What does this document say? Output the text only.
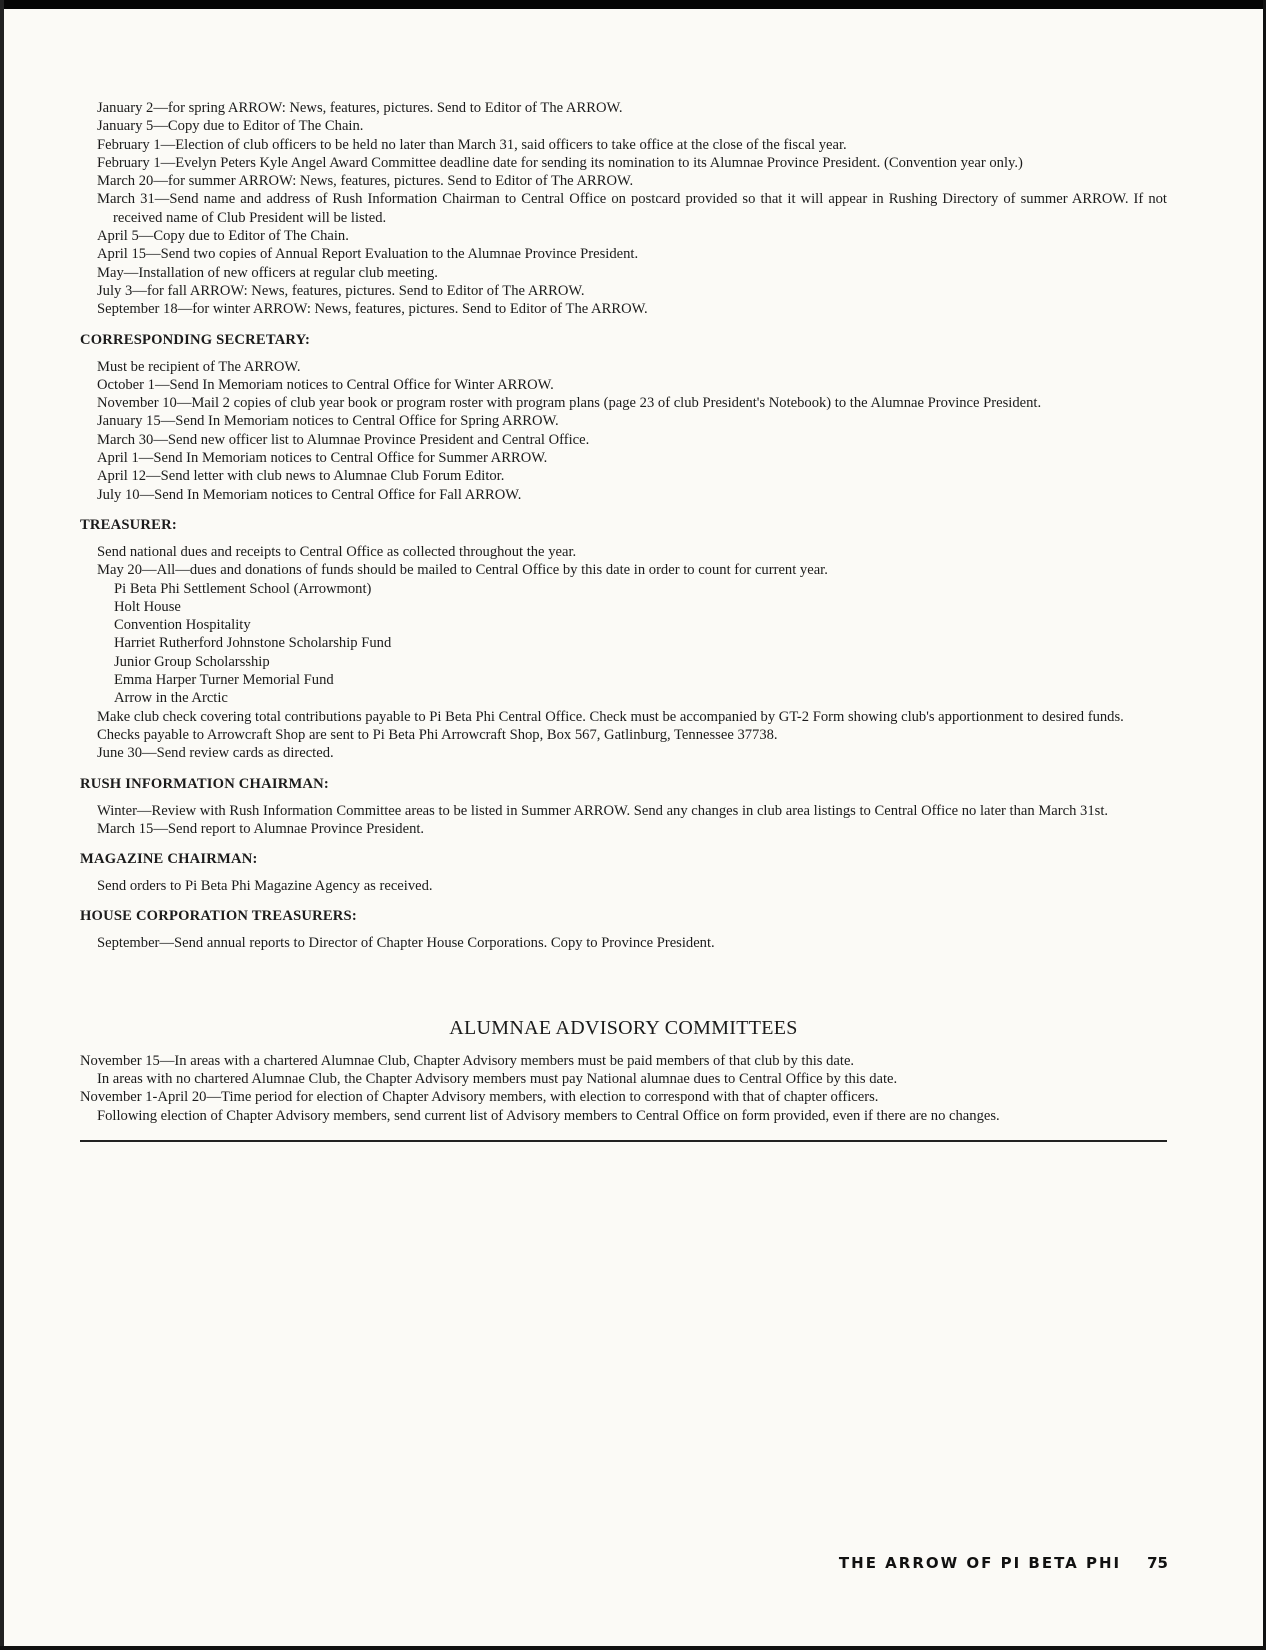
January 2—for spring ARROW: News, features, pictures. Send to Editor of The ARROW.
January 5—Copy due to Editor of The Chain.
February 1—Election of club officers to be held no later than March 31, said officers to take office at the close of the fiscal year.
February 1—Evelyn Peters Kyle Angel Award Committee deadline date for sending its nomination to its Alumnae Province President. (Convention year only.)
March 20—for summer ARROW: News, features, pictures. Send to Editor of The ARROW.
March 31—Send name and address of Rush Information Chairman to Central Office on postcard provided so that it will appear in Rushing Directory of summer ARROW. If not received name of Club President will be listed.
April 5—Copy due to Editor of The Chain.
April 15—Send two copies of Annual Report Evaluation to the Alumnae Province President.
May—Installation of new officers at regular club meeting.
July 3—for fall ARROW: News, features, pictures. Send to Editor of The ARROW.
September 18—for winter ARROW: News, features, pictures. Send to Editor of The ARROW.
CORRESPONDING SECRETARY:
Must be recipient of The ARROW.
October 1—Send In Memoriam notices to Central Office for Winter ARROW.
November 10—Mail 2 copies of club year book or program roster with program plans (page 23 of club President's Notebook) to the Alumnae Province President.
January 15—Send In Memoriam notices to Central Office for Spring ARROW.
March 30—Send new officer list to Alumnae Province President and Central Office.
April 1—Send In Memoriam notices to Central Office for Summer ARROW.
April 12—Send letter with club news to Alumnae Club Forum Editor.
July 10—Send In Memoriam notices to Central Office for Fall ARROW.
TREASURER:
Send national dues and receipts to Central Office as collected throughout the year.
May 20—All—dues and donations of funds should be mailed to Central Office by this date in order to count for current year.
Pi Beta Phi Settlement School (Arrowmont)
Holt House
Convention Hospitality
Harriet Rutherford Johnstone Scholarship Fund
Junior Group Scholarsship
Emma Harper Turner Memorial Fund
Arrow in the Arctic
Make club check covering total contributions payable to Pi Beta Phi Central Office. Check must be accompanied by GT-2 Form showing club's apportionment to desired funds.
Checks payable to Arrowcraft Shop are sent to Pi Beta Phi Arrowcraft Shop, Box 567, Gatlinburg, Tennessee 37738.
June 30—Send review cards as directed.
RUSH INFORMATION CHAIRMAN:
Winter—Review with Rush Information Committee areas to be listed in Summer ARROW. Send any changes in club area listings to Central Office no later than March 31st.
March 15—Send report to Alumnae Province President.
MAGAZINE CHAIRMAN:
Send orders to Pi Beta Phi Magazine Agency as received.
HOUSE CORPORATION TREASURERS:
September—Send annual reports to Director of Chapter House Corporations. Copy to Province President.
ALUMNAE ADVISORY COMMITTEES
November 15—In areas with a chartered Alumnae Club, Chapter Advisory members must be paid members of that club by this date.
In areas with no chartered Alumnae Club, the Chapter Advisory members must pay National alumnae dues to Central Office by this date.
November 1-April 20—Time period for election of Chapter Advisory members, with election to correspond with that of chapter officers.
Following election of Chapter Advisory members, send current list of Advisory members to Central Office on form provided, even if there are no changes.
THE ARROW OF PI BETA PHI 75
